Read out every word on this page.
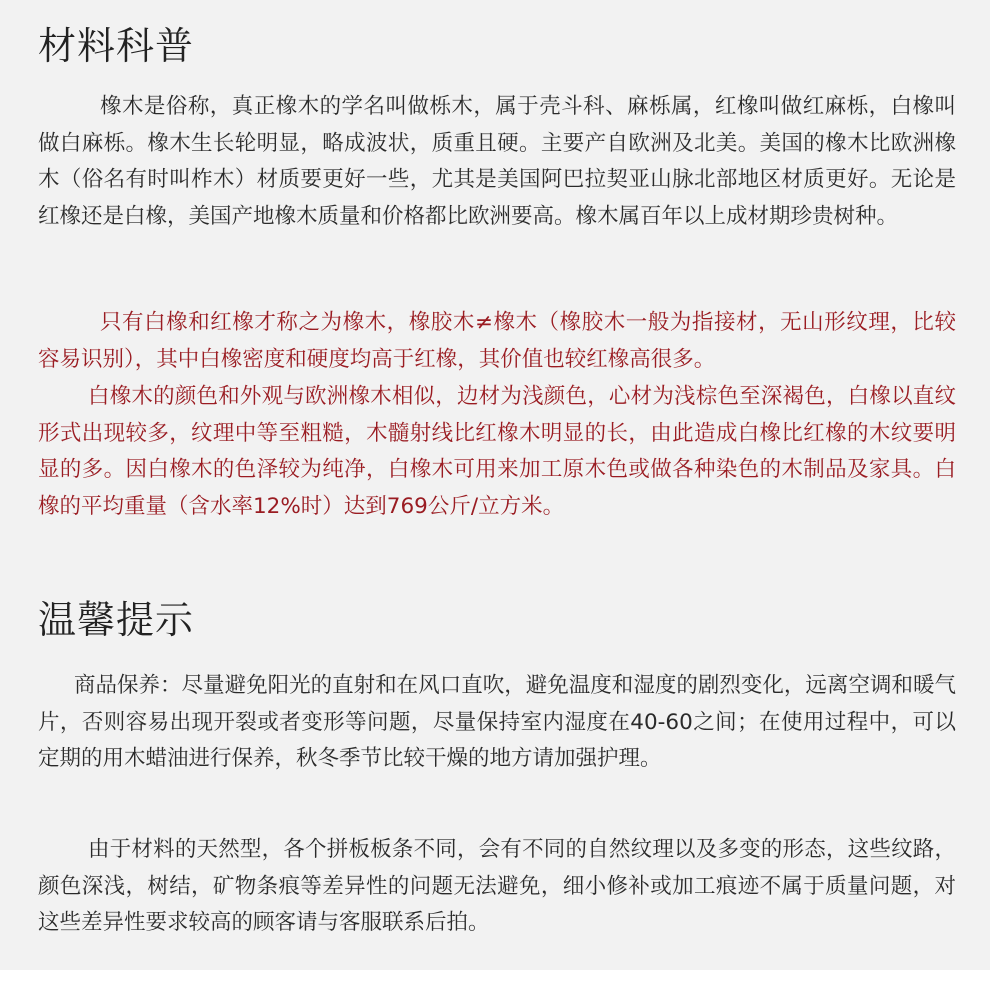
材料科普

橡木是俗称，真正橡木的学名叫做栎木，属于壳斗科、麻栎属，红橡叫做红麻栎，白橡叫做白麻栎。橡木生长轮明显，略成波状，质重且硬。主要产自欧洲及北美。美国的橡木比欧洲橡木（俗名有时叫柞木）材质要更好一些，尤其是美国阿巴拉契亚山脉北部地区材质更好。无论是红橡还是白橡，美国产地橡木质量和价格都比欧洲要高。橡木属百年以上成材期珍贵树种。

只有白橡和红橡才称之为橡木，橡胶木≠橡木（橡胶木一般为指接材，无山形纹理，比较容易识别），其中白橡密度和硬度均高于红橡，其价值也较红橡高很多。

白橡木的颜色和外观与欧洲橡木相似，边材为浅颜色，心材为浅棕色至深褐色，白橡以直纹形式出现较多，纹理中等至粗糙，木髓射线比红橡木明显的长，由此造成白橡比红橡的木纹要明显的多。因白橡木的色泽较为纯净，白橡木可用来加工原木色或做各种染色的木制品及家具。白橡的平均重量（含水率12%时）达到769公斤/立方米。

温馨提示

商品保养：尽量避免阳光的直射和在风口直吹，避免温度和湿度的剧烈变化，远离空调和暖气片，否则容易出现开裂或者变形等问题，尽量保持室内湿度在40-60之间；在使用过程中，可以定期的用木蜡油进行保养，秋冬季节比较干燥的地方请加强护理。

由于材料的天然型，各个拼板板条不同，会有不同的自然纹理以及多变的形态，这些纹路，颜色深浅，树结，矿物条痕等差异性的问题无法避免，细小修补或加工痕迹不属于质量问题，对这些差异性要求较高的顾客请与客服联系后拍。
